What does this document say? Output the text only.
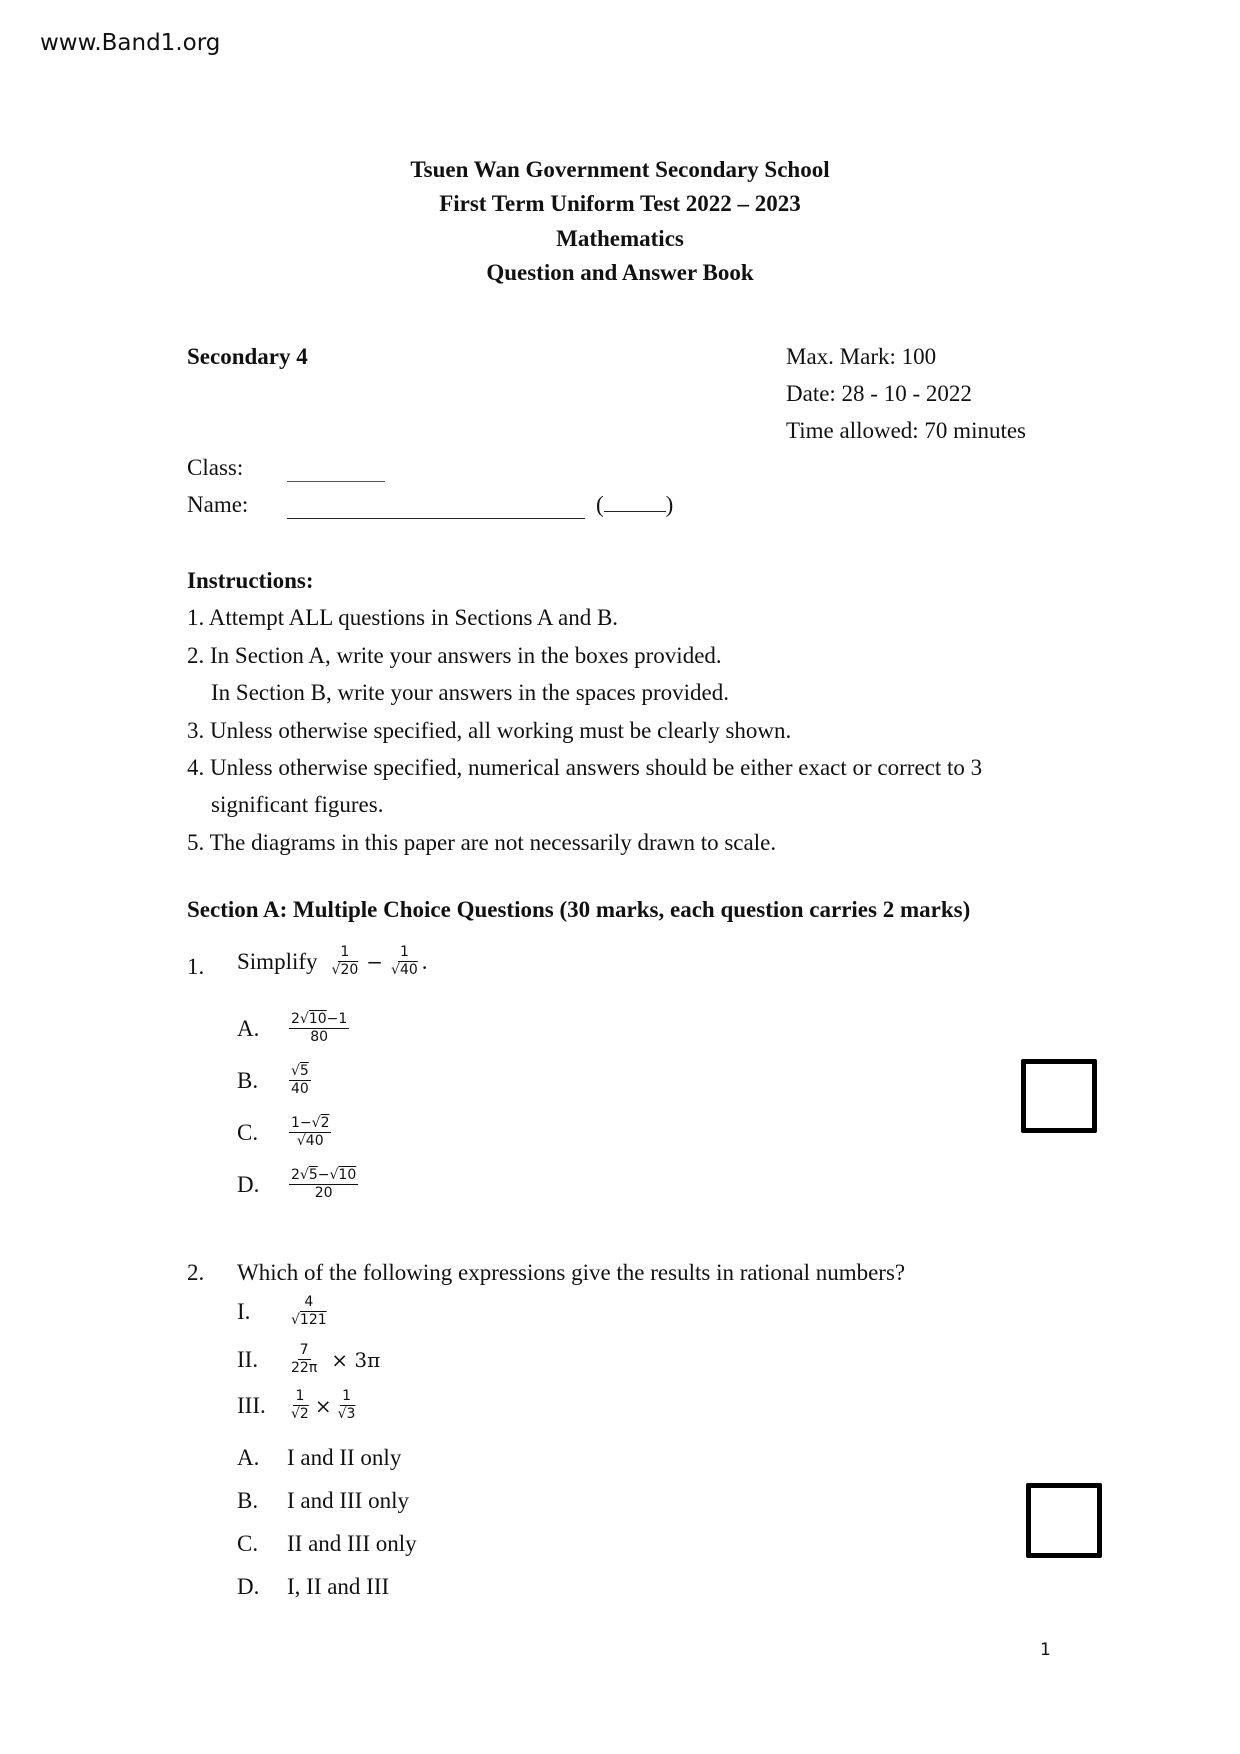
www.Band1.org
Tsuen Wan Government Secondary School
First Term Uniform Test 2022 – 2023
Mathematics
Question and Answer Book
Secondary 4	Max. Mark: 100
Date: 28 - 10 - 2022
Time allowed: 70 minutes
Class:
Name:	(	)
Instructions:
1. Attempt ALL questions in Sections A and B.
2. In Section A, write your answers in the boxes provided.
In Section B, write your answers in the spaces provided.
3. Unless otherwise specified, all working must be clearly shown.
4. Unless otherwise specified, numerical answers should be either exact or correct to 3
significant figures.
5. The diagrams in this paper are not necessarily drawn to scale.
Section A: Multiple Choice Questions (30 marks, each question carries 2 marks)
1. Simplify $\frac{1}{√20} - \frac{1}{√40}$ .
A.	$\frac{2√10-1}{80}$
B.	$\frac{√5}{40}$
C.	$\frac{1-√2}{√40}$
D.	$\frac{2√5-√10}{20}$
2. Which of the following expressions give the results in rational numbers?
I.	$\frac{4}{√121}$
II.	$\frac{7}{22\pi} \times 3\pi$
III.	$\frac{1}{√2} \times \frac{1}{√3}$
A. I and II only
B. I and III only
C. II and III only
D. I, II and III
1
